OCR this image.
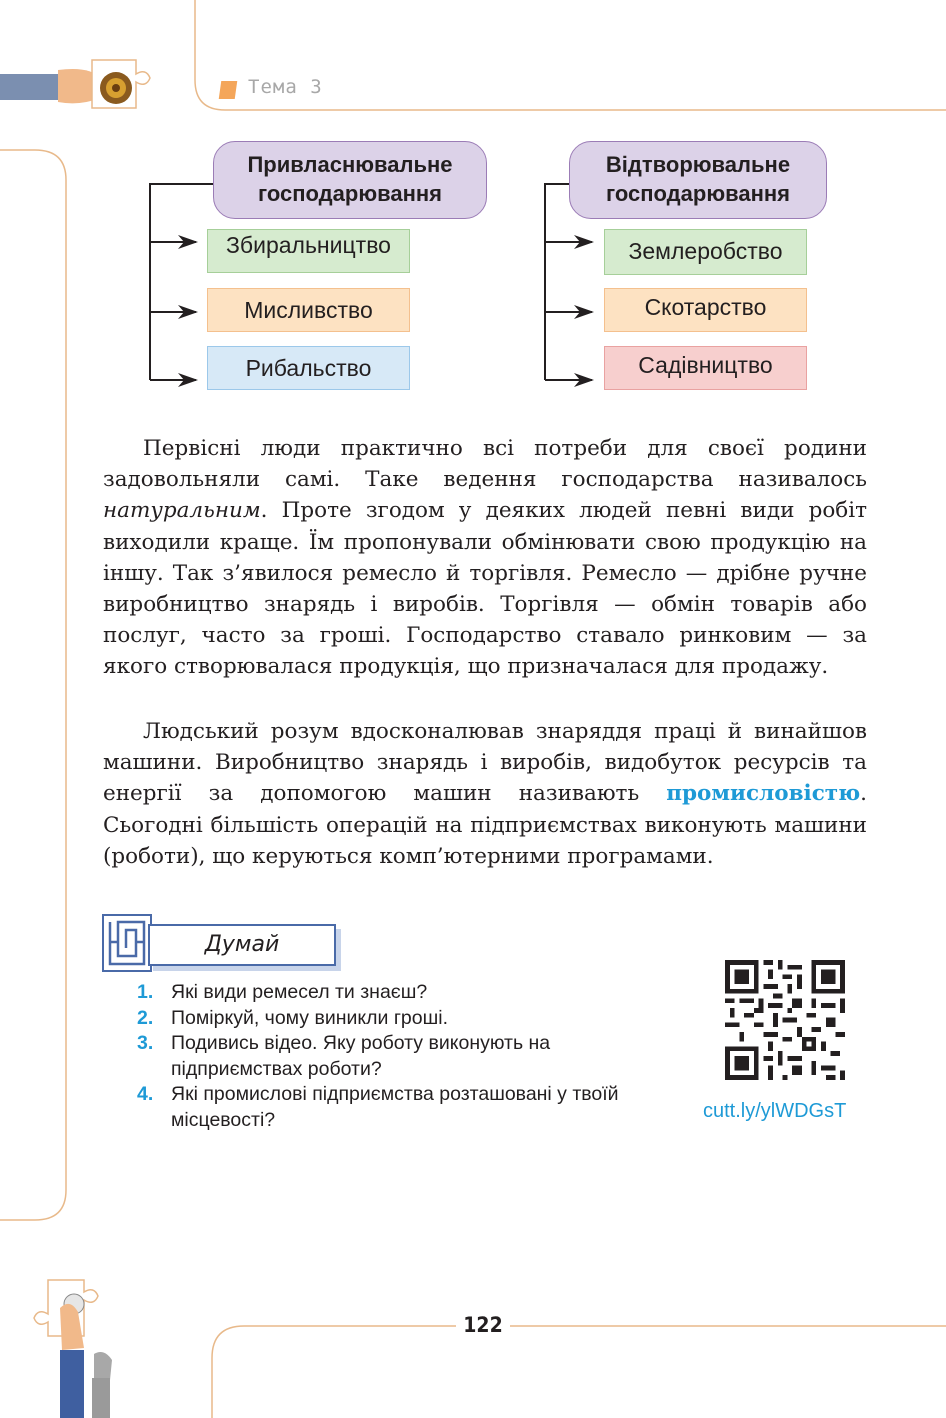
Тема 3
Привласнювальне
господарювання
Відтворювальне
господарювання
Збиральництво
Мисливство
Рибальство
Землеробство
Скотарство
Садівництво
Первісні люди практично всі потреби для своєї родини задовольняли самі. Таке ведення господарства називалось натуральним. Проте згодом у деяких людей певні види робіт виходили краще. Їм пропонували обмінювати свою продукцію на іншу. Так з’явилося ремесло й торгівля. Ремесло — дрібне ручне виробництво знарядь і виробів. Торгівля — обмін товарів або послуг, часто за гроші. Господарство ставало ринковим — за якого створювалася продукція, що призначалася для продажу.
Людський розум вдосконалював знаряддя праці й винайшов машини. Виробництво знарядь і виробів, видобуток ресурсів та енергії за допомогою машин називають промисловістю. Сьогодні більшість операцій на підприємствах виконують машини (роботи), що керуються комп’ютерними програмами.
Думай
1. Які види ремесел ти знаєш?
2. Поміркуй, чому виникли гроші.
3. Подивись відео. Яку роботу виконують на підприємствах роботи?
4. Які промислові підприємства розташовані у твоїй місцевості?	cutt.ly/ylWDGsT
122
